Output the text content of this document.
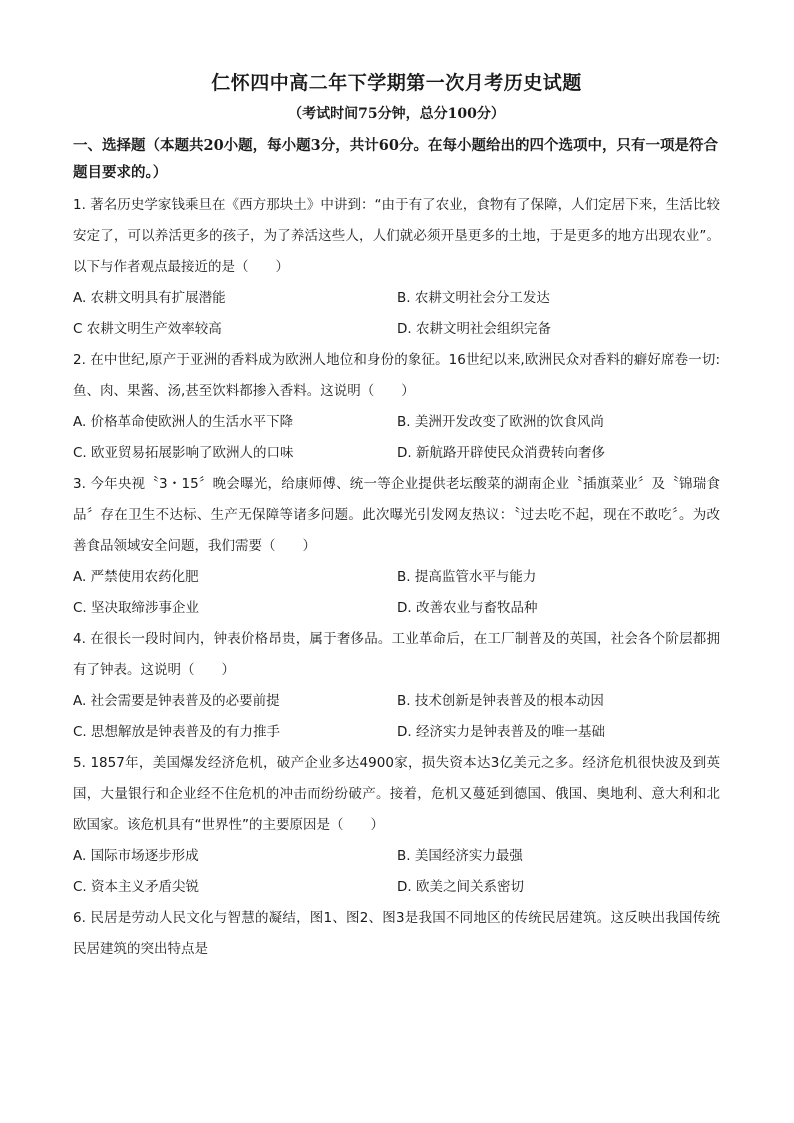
仁怀四中高二年下学期第一次月考历史试题
（考试时间75分钟，总分100分）
一、选择题（本题共20小题，每小题3分，共计60分。在每小题给出的四个选项中，只有一项是符合题目要求的。）

1. 著名历史学家钱乘旦在《西方那块土》中讲到：“由于有了农业，食物有了保障，人们定居下来，生活比较安定了，可以养活更多的孩子，为了养活这些人，人们就必须开垦更多的土地，于是更多的地方出现农业”。以下与作者观点最接近的是（　　）

A. 农耕文明具有扩展潜能	B. 农耕文明社会分工发达
C 农耕文明生产效率较高	D. 农耕文明社会组织完备

2. 在中世纪,原产于亚洲的香料成为欧洲人地位和身份的象征。16世纪以来,欧洲民众对香料的癖好席卷一切:鱼、肉、果酱、汤,甚至饮料都掺入香料。这说明（　　）

A. 价格革命使欧洲人的生活水平下降	B. 美洲开发改变了欧洲的饮食风尚
C. 欧亚贸易拓展影响了欧洲人的口味	D. 新航路开辟使民众消费转向奢侈

3. 今年央视〝3・15〞晚会曝光，给康师傅、统一等企业提供老坛酸菜的湖南企业〝插旗菜业〞及〝锦瑞食品〞存在卫生不达标、生产无保障等诸多问题。此次曝光引发网友热议：〝过去吃不起，现在不敢吃〞。为改善食品领域安全问题，我们需要（　　）

A. 严禁使用农药化肥	B. 提高监管水平与能力
C. 坚决取缔涉事企业	D. 改善农业与畜牧品种

4. 在很长一段时间内，钟表价格昂贵，属于奢侈品。工业革命后，在工厂制普及的英国，社会各个阶层都拥有了钟表。这说明（　　）

A. 社会需要是钟表普及的必要前提	B. 技术创新是钟表普及的根本动因
C. 思想解放是钟表普及的有力推手	D. 经济实力是钟表普及的唯一基础

5. 1857年，美国爆发经济危机，破产企业多达4900家，损失资本达3亿美元之多。经济危机很快波及到英国，大量银行和企业经不住危机的冲击而纷纷破产。接着，危机又蔓延到德国、俄国、奥地利、意大利和北欧国家。该危机具有“世界性”的主要原因是（　　）

A. 国际市场逐步形成	B. 美国经济实力最强
C. 资本主义矛盾尖锐	D. 欧美之间关系密切

6. 民居是劳动人民文化与智慧的凝结，图1、图2、图3是我国不同地区的传统民居建筑。这反映出我国传统民居建筑的突出特点是
